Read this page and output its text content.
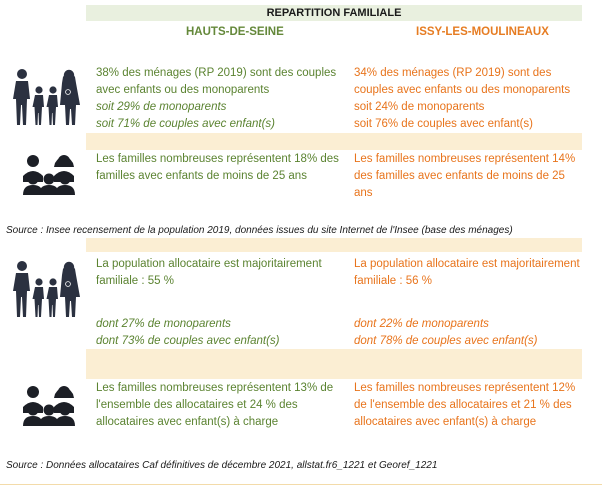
REPARTITION FAMILIALE
HAUTS-DE-SEINE	ISSY-LES-MOULINEAUX
38% des ménages (RP 2019) sont des couples avec enfants ou des monoparents
soit 29% de monoparents
soit 71% de couples avec enfant(s)
34% des ménages (RP 2019) sont des couples avec enfants ou des monoparents
soit 24% de monoparents
soit 76% de couples avec enfant(s)
Les familles nombreuses représentent 18% des familles avec enfants de moins de 25 ans
Les familles nombreuses représentent 14% des familles avec enfants de moins de 25 ans
Source : Insee recensement de la population 2019, données issues du site Internet de l'Insee (base des ménages)
La population allocataire est majoritairement familiale : 55 %
dont 27% de monoparents
dont 73% de couples avec enfant(s)
La population allocataire est majoritairement familiale : 56 %
dont 22% de monoparents
dont 78% de couples avec enfant(s)
Les familles nombreuses représentent 13% de l'ensemble des allocataires et 24 % des allocataires avec enfant(s) à charge
Les familles nombreuses représentent 12% de l'ensemble des allocataires et 21 % des allocataires avec enfant(s) à charge
Source : Données allocataires Caf définitives de décembre 2021, allstat.fr6_1221 et Georef_1221
